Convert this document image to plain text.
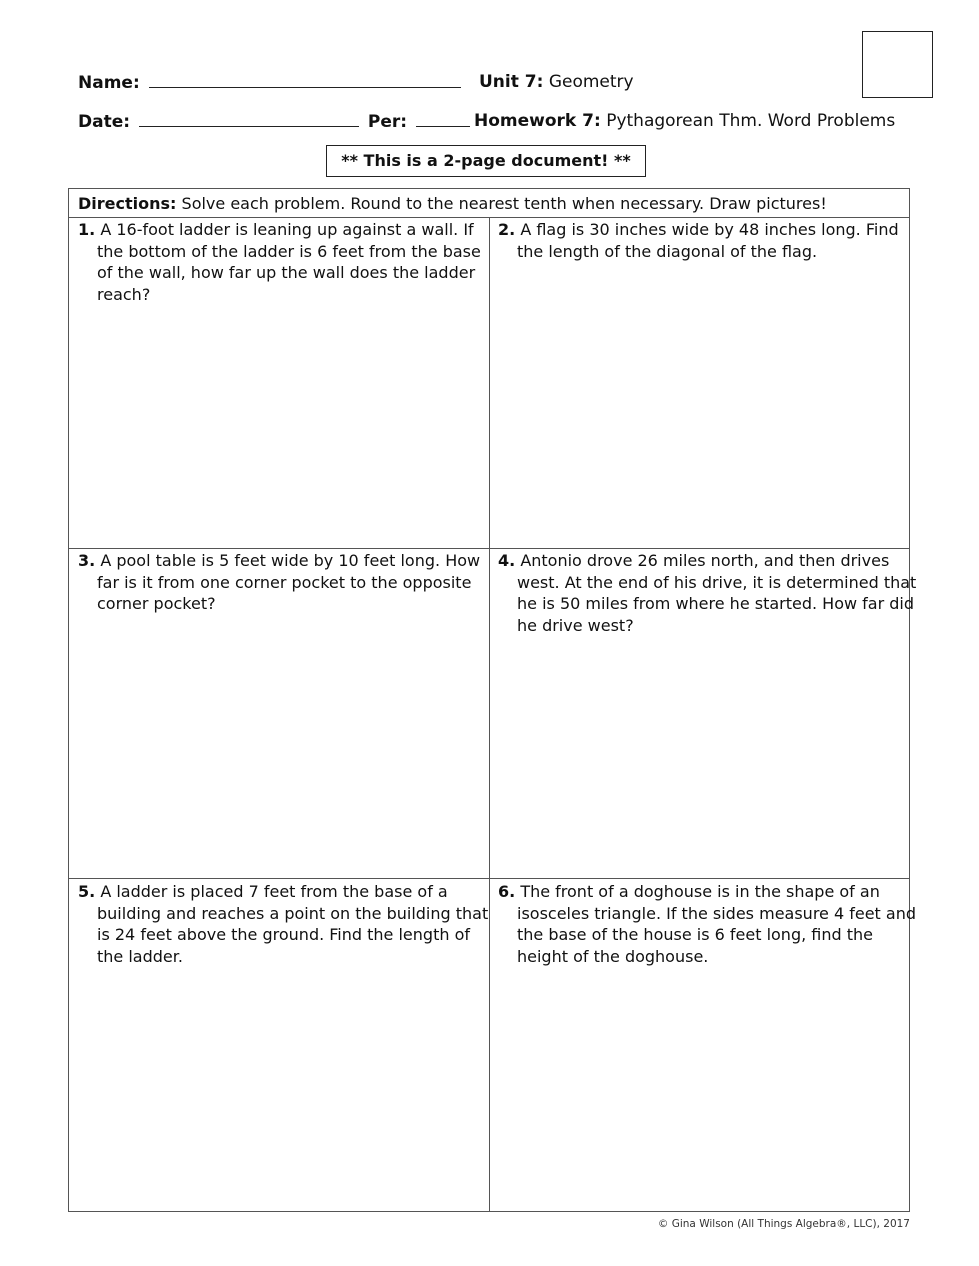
Name:	Unit 7: Geometry
Date:	Per:	Homework 7: Pythagorean Thm. Word Problems
** This is a 2-page document! **
Directions: Solve each problem. Round to the nearest tenth when necessary. Draw pictures!
1. A 16-foot ladder is leaning up against a wall. If the bottom of the ladder is 6 feet from the base of the wall, how far up the wall does the ladder reach?
2. A flag is 30 inches wide by 48 inches long. Find the length of the diagonal of the flag.
3. A pool table is 5 feet wide by 10 feet long. How far is it from one corner pocket to the opposite corner pocket?
4. Antonio drove 26 miles north, and then drives west. At the end of his drive, it is determined that he is 50 miles from where he started. How far did he drive west?
5. A ladder is placed 7 feet from the base of a building and reaches a point on the building that is 24 feet above the ground. Find the length of the ladder.
6. The front of a doghouse is in the shape of an isosceles triangle. If the sides measure 4 feet and the base of the house is 6 feet long, find the height of the doghouse.
© Gina Wilson (All Things Algebra®, LLC), 2017
